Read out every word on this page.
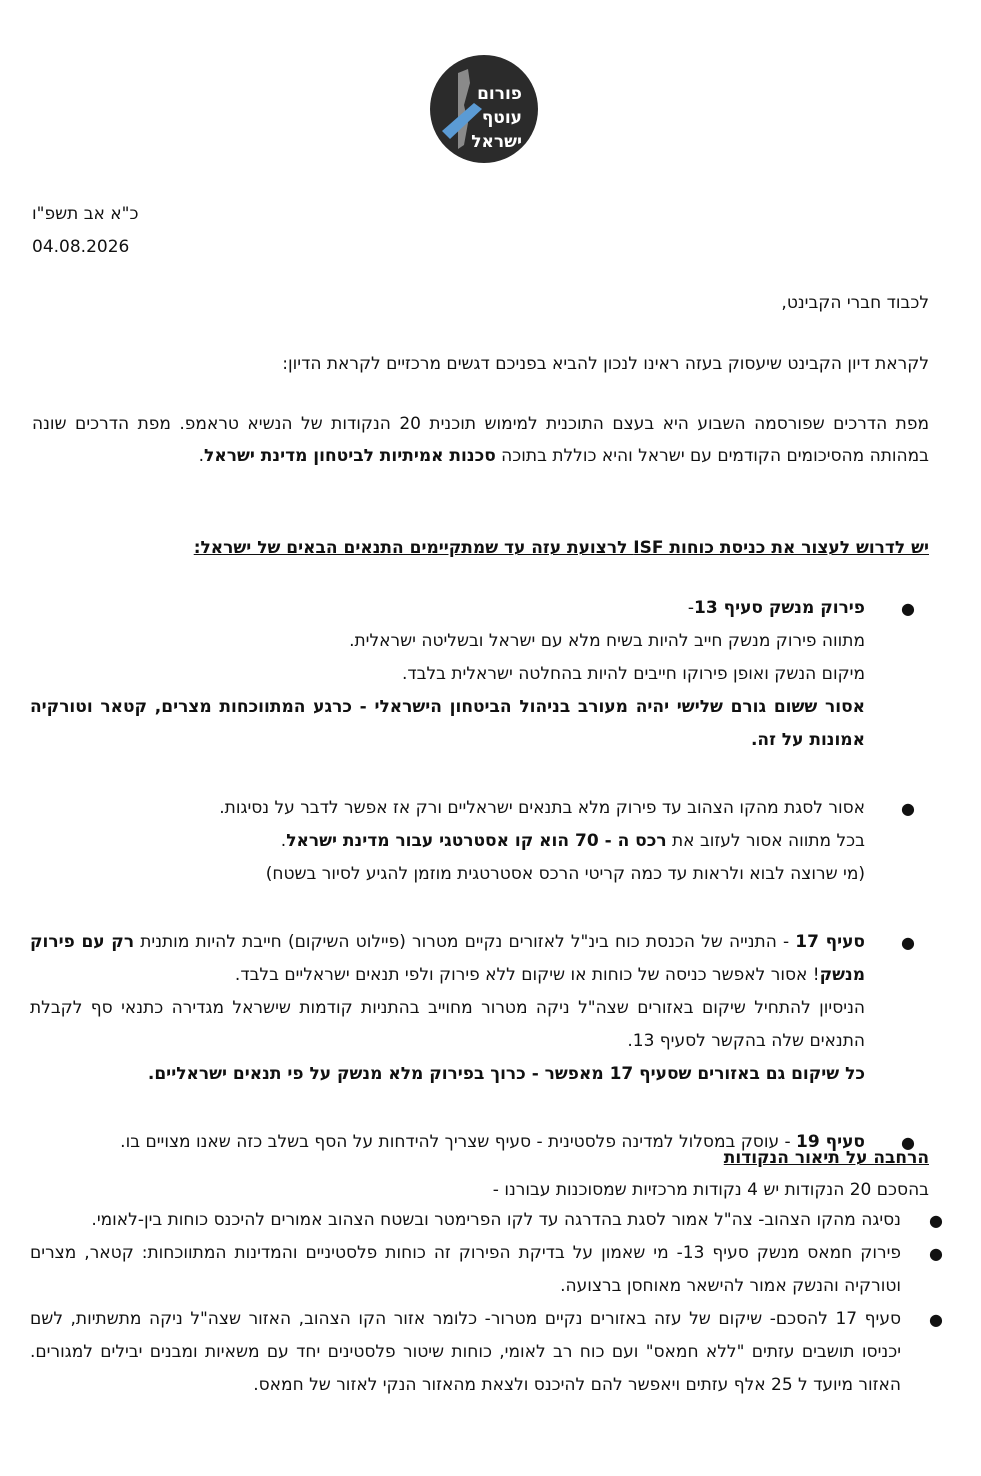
פורום
עוטף
ישראל
כ"א אב תשפ"ו
04.08.2026
לכבוד חברי הקבינט,
לקראת דיון הקבינט שיעסוק בעזה ראינו לנכון להביא בפניכם דגשים מרכזיים לקראת הדיון:
מפת הדרכים שפורסמה השבוע היא בעצם התוכנית למימוש תוכנית 20 הנקודות של הנשיא טראמפ. מפת הדרכים שונה במהותה מהסיכומים הקודמים עם ישראל והיא כוללת בתוכה סכנות אמיתיות לביטחון מדינת ישראל.
יש לדרוש לעצור את כניסת כוחות ISF לרצועת עזה עד שמתקיימים התנאים הבאים של ישראל:
●
פירוק מנשק סעיף 13-
מתווה פירוק מנשק חייב להיות בשיח מלא עם ישראל ובשליטה ישראלית.
מיקום הנשק ואופן פירוקו חייבים להיות בהחלטה ישראלית בלבד.
אסור ששום גורם שלישי יהיה מעורב בניהול הביטחון הישראלי - כרגע המתווכחות מצרים, קטאר וטורקיה אמונות על זה.
●
אסור לסגת מהקו הצהוב עד פירוק מלא בתנאים ישראליים ורק אז אפשר לדבר על נסיגות.
בכל מתווה אסור לעזוב את רכס ה - 70 הוא קו אסטרטגי עבור מדינת ישראל.
(מי שרוצה לבוא ולראות עד כמה קריטי הרכס אסטרטגית מוזמן להגיע לסיור בשטח)
●
סעיף 17 - התנייה של הכנסת כוח בינ"ל לאזורים נקיים מטרור (פיילוט השיקום) חייבת להיות מותנית רק עם פירוק מנשק! אסור לאפשר כניסה של כוחות או שיקום ללא פירוק ולפי תנאים ישראליים בלבד.
הניסיון להתחיל שיקום באזורים שצה"ל ניקה מטרור מחוייב בהתניות קודמות שישראל מגדירה כתנאי סף לקבלת התנאים שלה בהקשר לסעיף 13.
כל שיקום גם באזורים שסעיף 17 מאפשר - כרוך בפירוק מלא מנשק על פי תנאים ישראליים.
●
סעיף 19 - עוסק במסלול למדינה פלסטינית - סעיף שצריך להידחות על הסף בשלב כזה שאנו מצויים בו.
הרחבה על תיאור הנקודות
בהסכם 20 הנקודות יש 4 נקודות מרכזיות שמסוכנות עבורנו -
●
נסיגה מהקו הצהוב- צה"ל אמור לסגת בהדרגה עד לקו הפרימטר ובשטח הצהוב אמורים להיכנס כוחות בין-לאומי.
●
פירוק חמאס מנשק סעיף 13- מי שאמון על בדיקת הפירוק זה כוחות פלסטיניים והמדינות המתווכחות: קטאר, מצרים וטורקיה והנשק אמור להישאר מאוחסן ברצועה.
●
סעיף 17 להסכם- שיקום של עזה באזורים נקיים מטרור- כלומר אזור הקו הצהוב, האזור שצה"ל ניקה מתשתיות, לשם יכניסו תושבים עזתים "ללא חמאס" ועם כוח רב לאומי, כוחות שיטור פלסטינים יחד עם משאיות ומבנים יבילים למגורים. האזור מיועד ל 25 אלף עזתים ויאפשר להם להיכנס ולצאת מהאזור הנקי לאזור של חמאס.
